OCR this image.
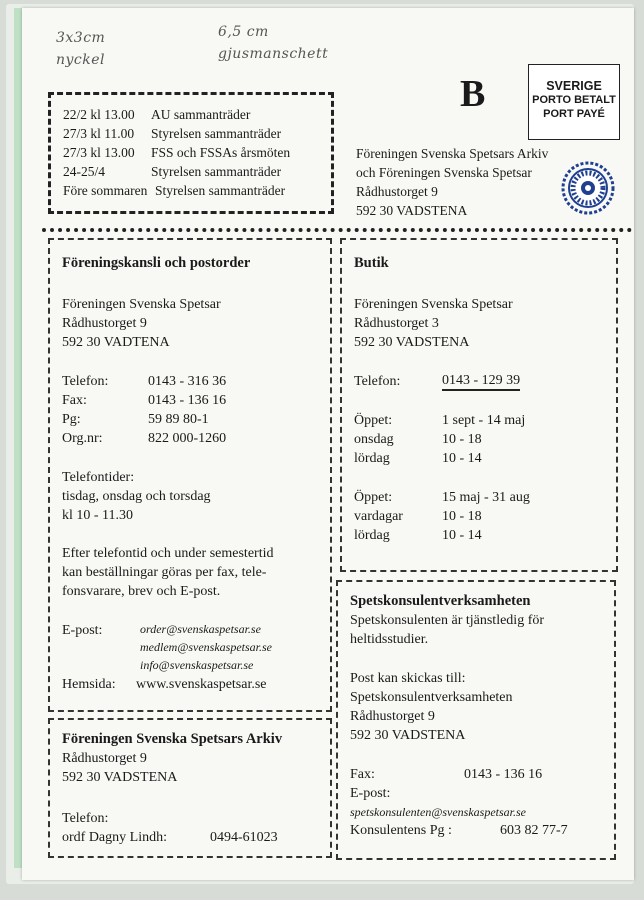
3x3cm
nyckel
6,5 cm
gjusmanschett
22/2 kl 13.00 AU sammanträder
27/3 kl 11.00 Styrelsen sammanträder
27/3 kl 13.00 FSS och FSSAs årsmöten
24-25/4	Styrelsen sammanträder
Före sommaren Styrelsen sammanträder
B	SVERIGE
PORTO BETALT
PORT PAYÉ
Föreningen Svenska Spetsars Arkiv
och Föreningen Svenska Spetsar
Rådhustorget 9
592 30 VADSTENA
Föreningskansli och postorder
Föreningen Svenska Spetsar
Rådhustorget 9
592 30 VADTENA
Telefon:	0143 - 316 36
Fax:	0143 - 136 16
Pg:	59 89 80-1
Org.nr:	822 000-1260
Telefontider:
tisdag, onsdag och torsdag
kl 10 - 11.30
Efter telefontid och under semestertid
kan beställningar göras per fax, tele-
fonsvarare, brev och E-post.
E-post:	order@svenskaspetsar.se
medlem@svenskaspetsar.se
info@svenskaspetsar.se
Hemsida: www.svenskaspetsar.se
Föreningen Svenska Spetsars Arkiv
Rådhustorget 9
592 30 VADSTENA
Telefon:
ordf Dagny Lindh:	0494-61023
Butik
Föreningen Svenska Spetsar
Rådhustorget 3
592 30 VADSTENA
Telefon:	0143 - 129 39
Öppet:	1 sept - 14 maj
onsdag	10 - 18
lördag	10 - 14
Öppet:	15 maj - 31 aug
vardagar	10 - 18
lördag	10 - 14
Spetskonsulentverksamheten
Spetskonsulenten är tjänstledig för
heltidsstudier.
Post kan skickas till:
Spetskonsulentverksamheten
Rådhustorget 9
592 30 VADSTENA
Fax:	0143 - 136 16
E-post:
spetskonsulenten@svenskaspetsar.se
Konsulentens Pg :	603 82 77-7
